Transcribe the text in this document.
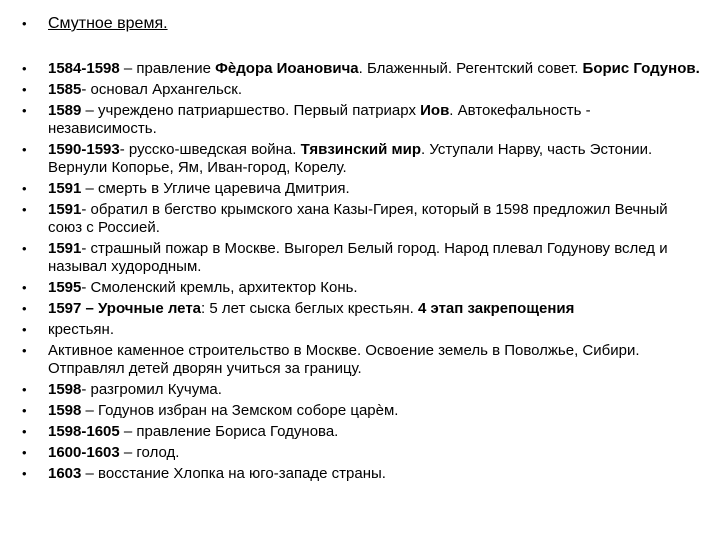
• Смутное время.
• 1584-1598 – правление Фѐдора Иоановича. Блаженный. Регентский совет. Борис Годунов.
• 1585- основал Архангельск.
• 1589 – учреждено патриаршество. Первый патриарх Иов. Автокефальность - независимость.
• 1590-1593- русско-шведская война. Тявзинский мир. Уступали Нарву, часть Эстонии. Вернули Копорье, Ям, Иван-город, Корелу.
• 1591 – смерть в Угличе царевича Дмитрия.
• 1591- обратил в бегство крымского хана Казы-Гирея, который в 1598 предложил Вечный союз с Россией.
• 1591- страшный пожар в Москве. Выгорел Белый город. Народ плевал Годунову вслед и называл худородным.
• 1595- Смоленский кремль, архитектор Конь.
• 1597 – Урочные лета: 5 лет сыска беглых крестьян. 4 этап закрепощения
• крестьян.
• Активное каменное строительство в Москве. Освоение земель в Поволжье, Сибири. Отправлял детей дворян учиться за границу.
• 1598- разгромил Кучума.
• 1598 – Годунов избран на Земском соборе царѐм.
• 1598-1605 – правление Бориса Годунова.
• 1600-1603 – голод.
• 1603 – восстание Хлопка на юго-западе страны.
